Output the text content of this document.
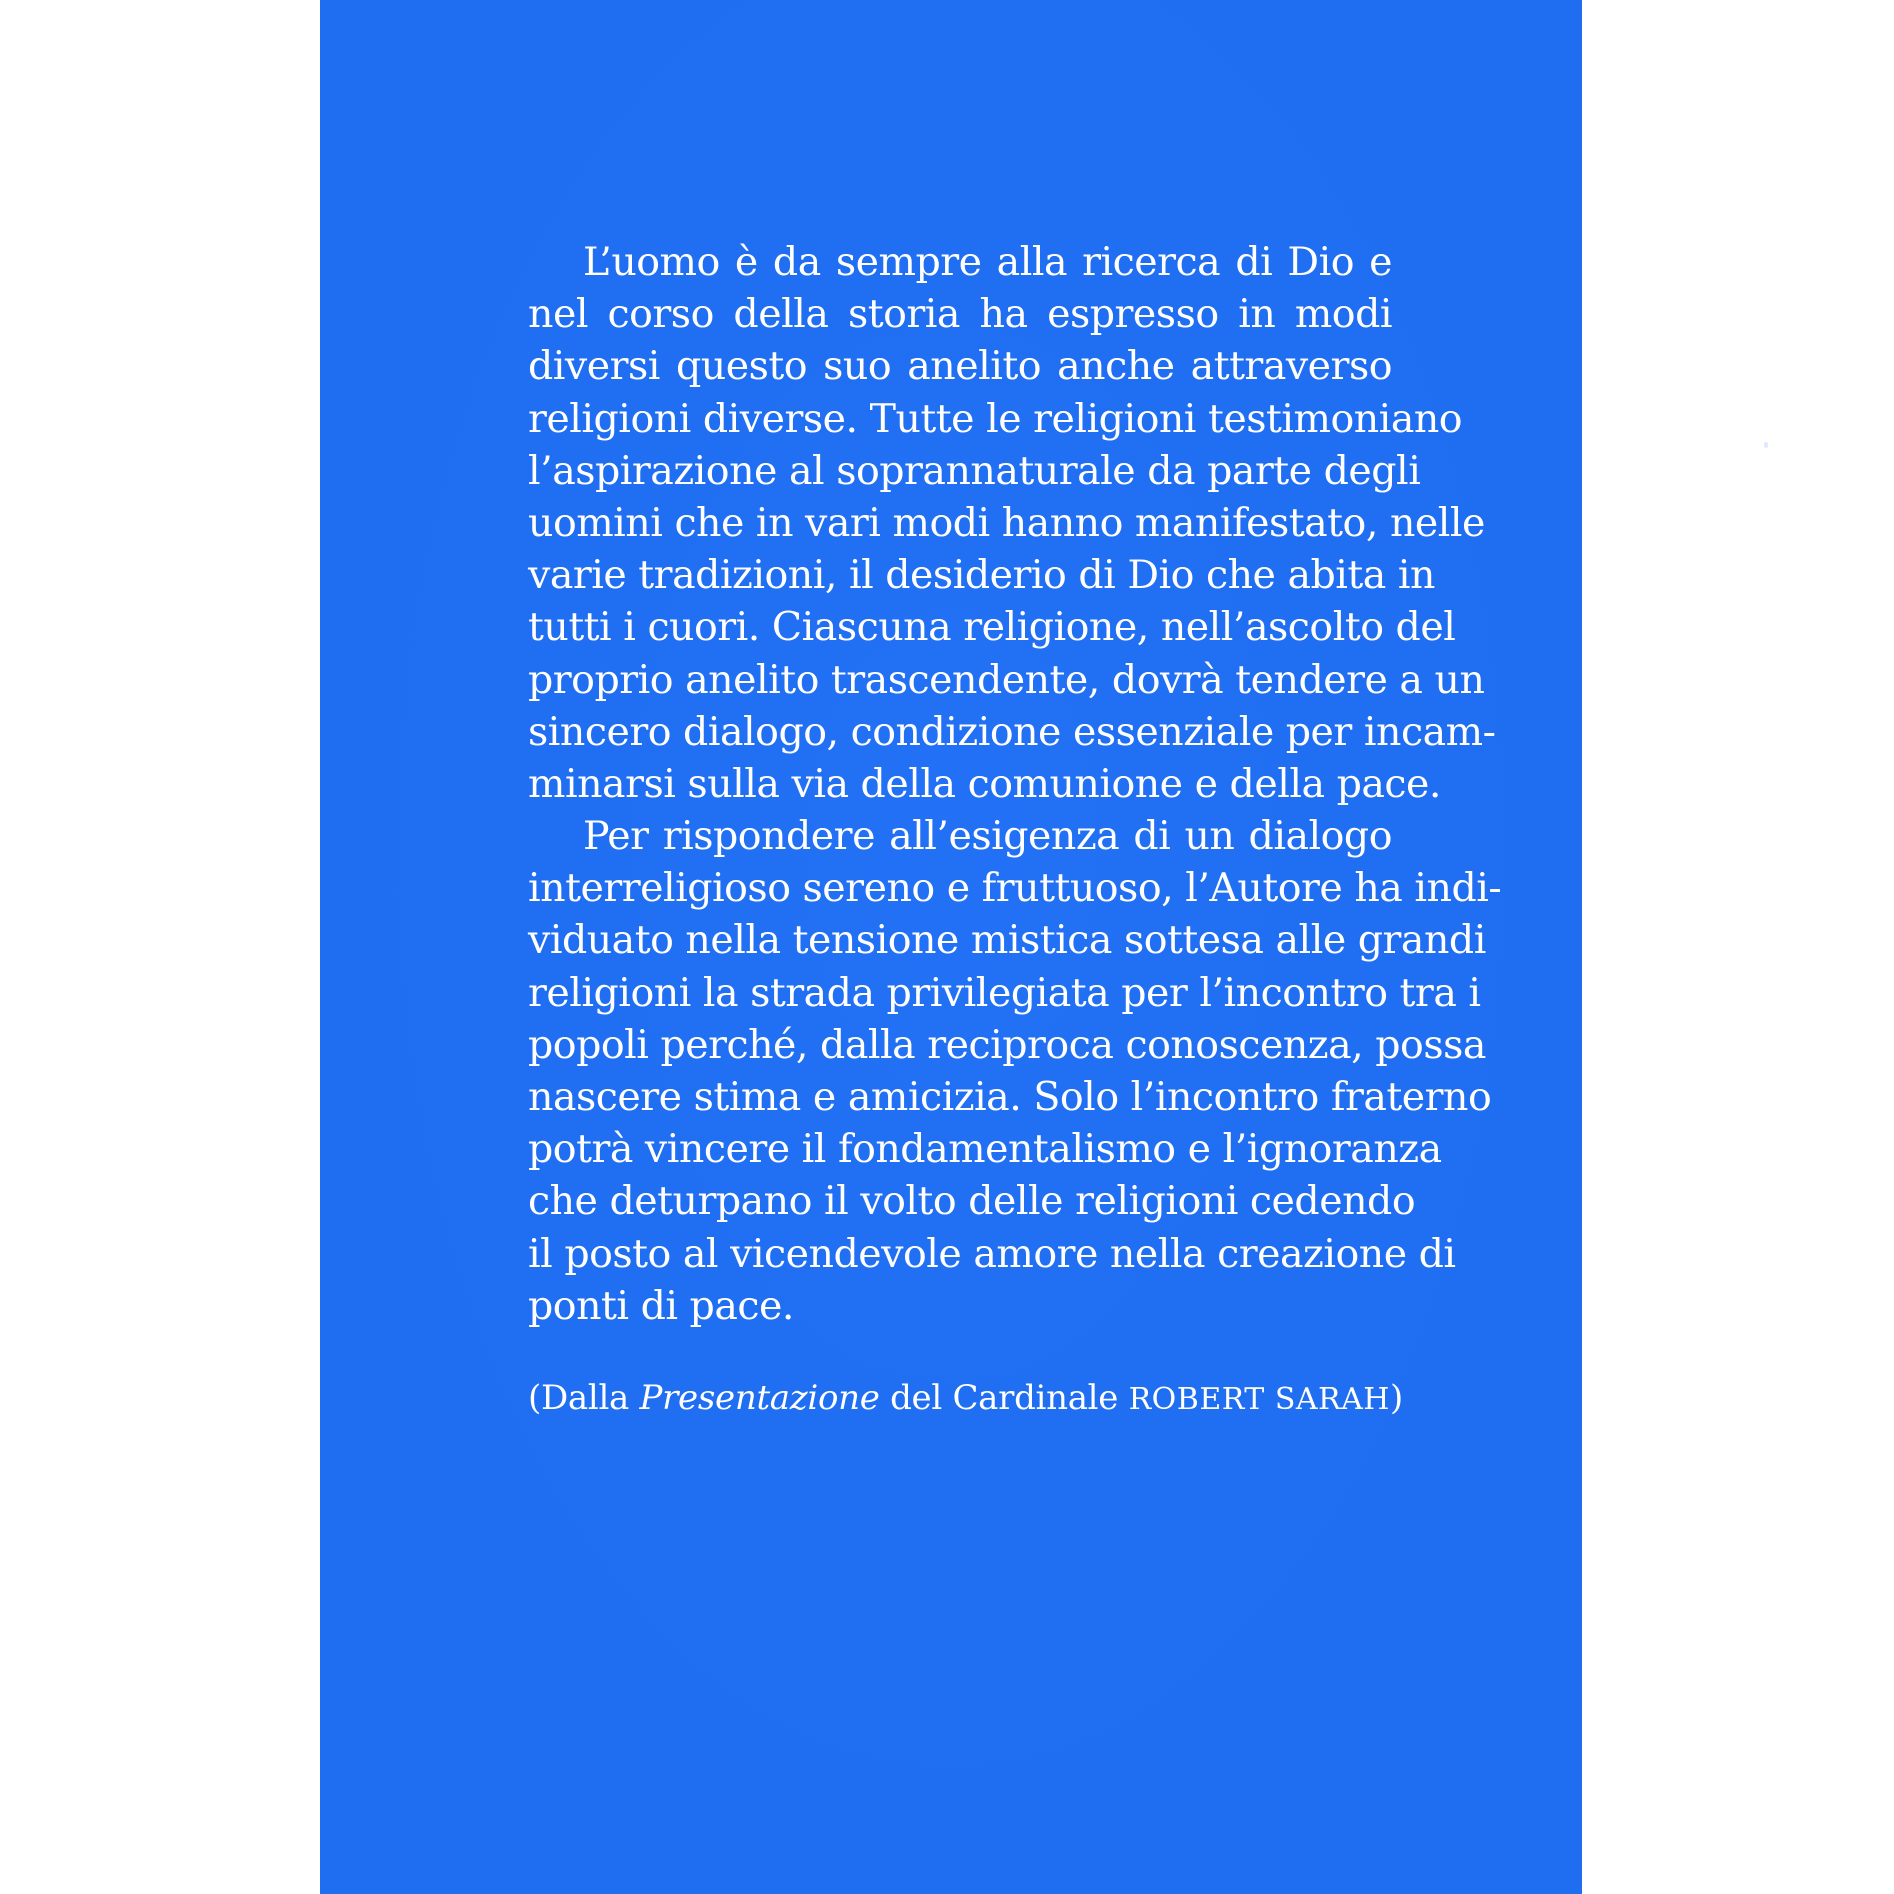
L’uomo è da sempre alla ricerca di Dio e
nel corso della storia ha espresso in modi
diversi questo suo anelito anche attraverso
religioni diverse. Tutte le religioni testimoniano
l’aspirazione al soprannaturale da parte degli
uomini che in vari modi hanno manifestato, nelle
varie tradizioni, il desiderio di Dio che abita in
tutti i cuori. Ciascuna religione, nell’ascolto del
proprio anelito trascendente, dovrà tendere a un
sincero dialogo, condizione essenziale per incam-
minarsi sulla via della comunione e della pace.
Per rispondere all’esigenza di un dialogo
interreligioso sereno e fruttuoso, l’Autore ha indi-
viduato nella tensione mistica sottesa alle grandi
religioni la strada privilegiata per l’incontro tra i
popoli perché, dalla reciproca conoscenza, possa
nascere stima e amicizia. Solo l’incontro fraterno
potrà vincere il fondamentalismo e l’ignoranza
che deturpano il volto delle religioni cedendo
il posto al vicendevole amore nella creazione di
ponti di pace.
(Dalla Presentazione del Cardinale ROBERT SARAH)
